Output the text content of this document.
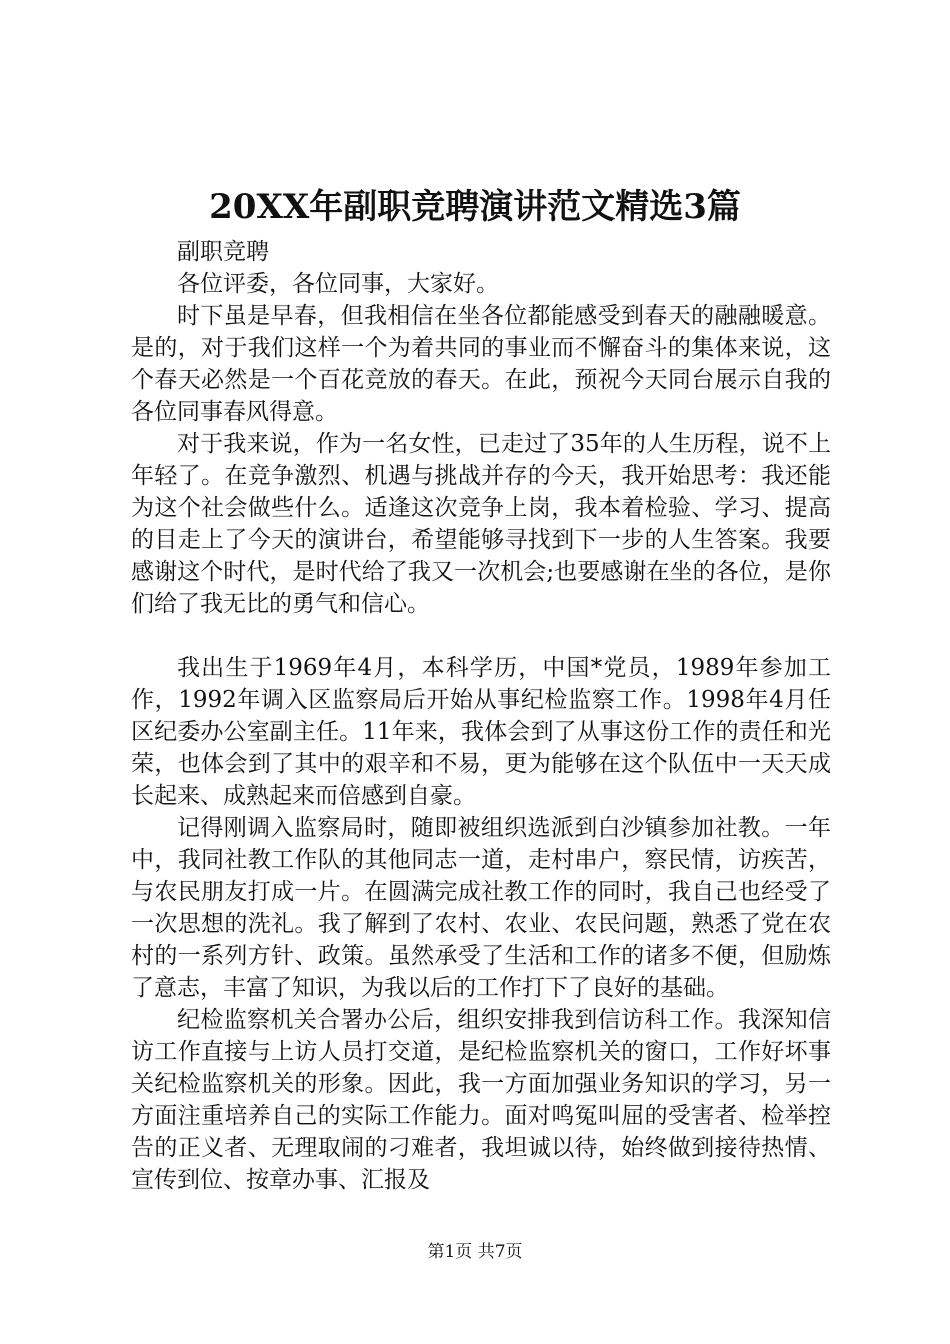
20XX年副职竞聘演讲范文精选3篇

副职竞聘

各位评委，各位同事，大家好。

时下虽是早春，但我相信在坐各位都能感受到春天的融融暖意。是的，对于我们这样一个为着共同的事业而不懈奋斗的集体来说，这个春天必然是一个百花竞放的春天。在此，预祝今天同台展示自我的各位同事春风得意。

对于我来说，作为一名女性，已走过了35年的人生历程，说不上年轻了。在竞争激烈、机遇与挑战并存的今天，我开始思考：我还能为这个社会做些什么。适逢这次竞争上岗，我本着检验、学习、提高的目走上了今天的演讲台，希望能够寻找到下一步的人生答案。我要感谢这个时代，是时代给了我又一次机会;也要感谢在坐的各位，是你们给了我无比的勇气和信心。

我出生于1969年4月，本科学历，中国*党员，1989年参加工作，1992年调入区监察局后开始从事纪检监察工作。1998年4月任区纪委办公室副主任。11年来，我体会到了从事这份工作的责任和光荣，也体会到了其中的艰辛和不易，更为能够在这个队伍中一天天成长起来、成熟起来而倍感到自豪。

记得刚调入监察局时，随即被组织选派到白沙镇参加社教。一年中，我同社教工作队的其他同志一道，走村串户，察民情，访疾苦，与农民朋友打成一片。在圆满完成社教工作的同时，我自己也经受了一次思想的洗礼。我了解到了农村、农业、农民问题，熟悉了党在农村的一系列方针、政策。虽然承受了生活和工作的诸多不便，但励炼了意志，丰富了知识，为我以后的工作打下了良好的基础。

纪检监察机关合署办公后，组织安排我到信访科工作。我深知信访工作直接与上访人员打交道，是纪检监察机关的窗口，工作好坏事关纪检监察机关的形象。因此，我一方面加强业务知识的学习，另一方面注重培养自己的实际工作能力。面对鸣冤叫屈的受害者、检举控告的正义者、无理取闹的刁难者，我坦诚以待，始终做到接待热情、宣传到位、按章办事、汇报及

第1页 共7页
